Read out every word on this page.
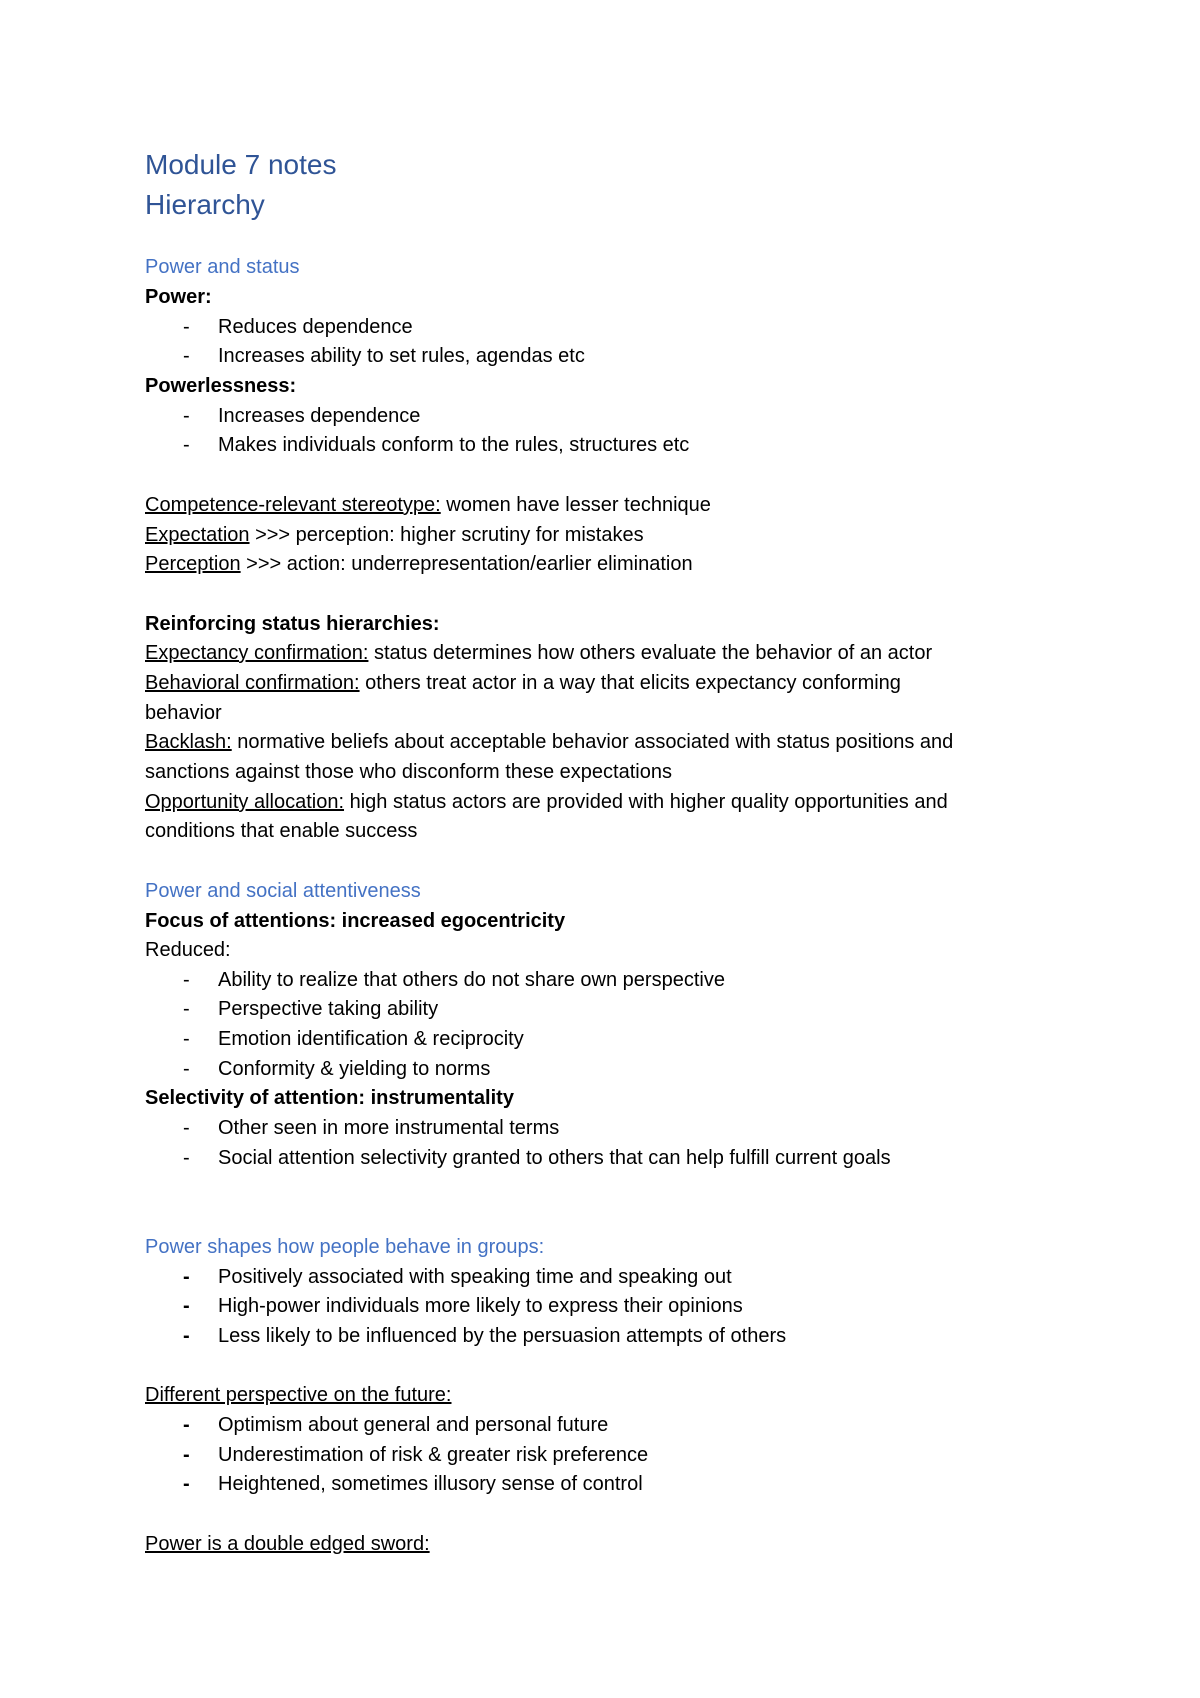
Module 7 notes
Hierarchy
Power and status
Power:
- Reduces dependence
- Increases ability to set rules, agendas etc
Powerlessness:
- Increases dependence
- Makes individuals conform to the rules, structures etc
Competence-relevant stereotype: women have lesser technique
Expectation >>> perception: higher scrutiny for mistakes
Perception >>> action: underrepresentation/earlier elimination
Reinforcing status hierarchies:
Expectancy confirmation: status determines how others evaluate the behavior of an actor
Behavioral confirmation: others treat actor in a way that elicits expectancy conforming
behavior
Backlash: normative beliefs about acceptable behavior associated with status positions and
sanctions against those who disconform these expectations
Opportunity allocation: high status actors are provided with higher quality opportunities and
conditions that enable success
Power and social attentiveness
Focus of attentions: increased egocentricity
Reduced:
- Ability to realize that others do not share own perspective
- Perspective taking ability
- Emotion identification & reciprocity
- Conformity & yielding to norms
Selectivity of attention: instrumentality
- Other seen in more instrumental terms
- Social attention selectivity granted to others that can help fulfill current goals
Power shapes how people behave in groups:
- Positively associated with speaking time and speaking out
- High-power individuals more likely to express their opinions
- Less likely to be influenced by the persuasion attempts of others
Different perspective on the future:
- Optimism about general and personal future
- Underestimation of risk & greater risk preference
- Heightened, sometimes illusory sense of control
Power is a double edged sword:
